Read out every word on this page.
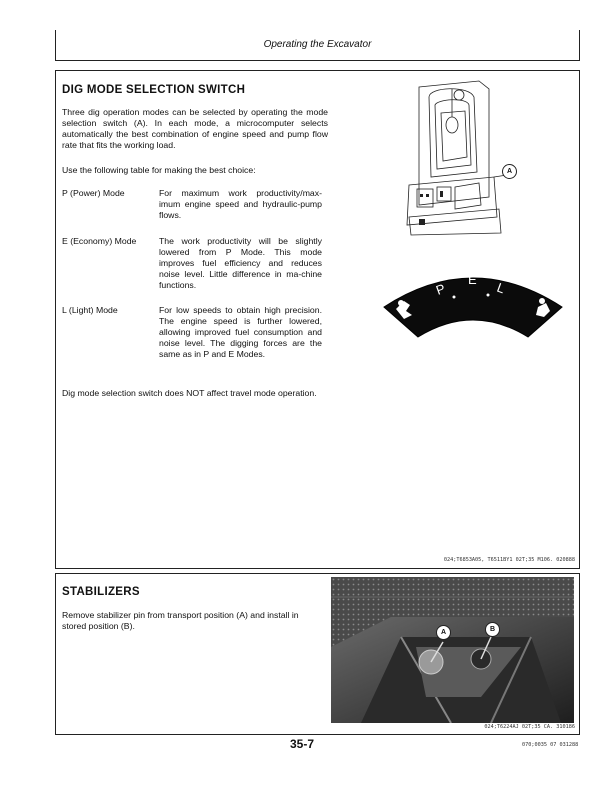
Operating the Excavator
DIG MODE SELECTION SWITCH
Three dig operation modes can be selected by operating the mode selection switch (A). In each mode, a microcomputer selects automatically the best combination of engine speed and pump flow rate that fits the working load.
Use the following table for making the best choice:
P (Power) Mode	For maximum work productivity/max-imum engine speed and hydraulic-pump flows.
E (Economy) Mode	The work productivity will be slightly lowered from P Mode. This mode improves fuel efficiency and reduces noise level. Little difference in ma-chine functions.
L (Light) Mode	For low speeds to obtain high precision. The engine speed is further lowered, allowing improved fuel consumption and noise level. The digging forces are the same as in P and E Modes.
Dig mode selection switch does NOT affect travel mode operation.
A
P
E
L
024;T6853A05, T6511BY1 02T;35 M106. 020888
STABILIZERS
Remove stabilizer pin from transport position (A) and install in stored position (B).
A	B
024;T6224AJ 02T;35 CA. 310186
35-7	070;0035 07 031288
